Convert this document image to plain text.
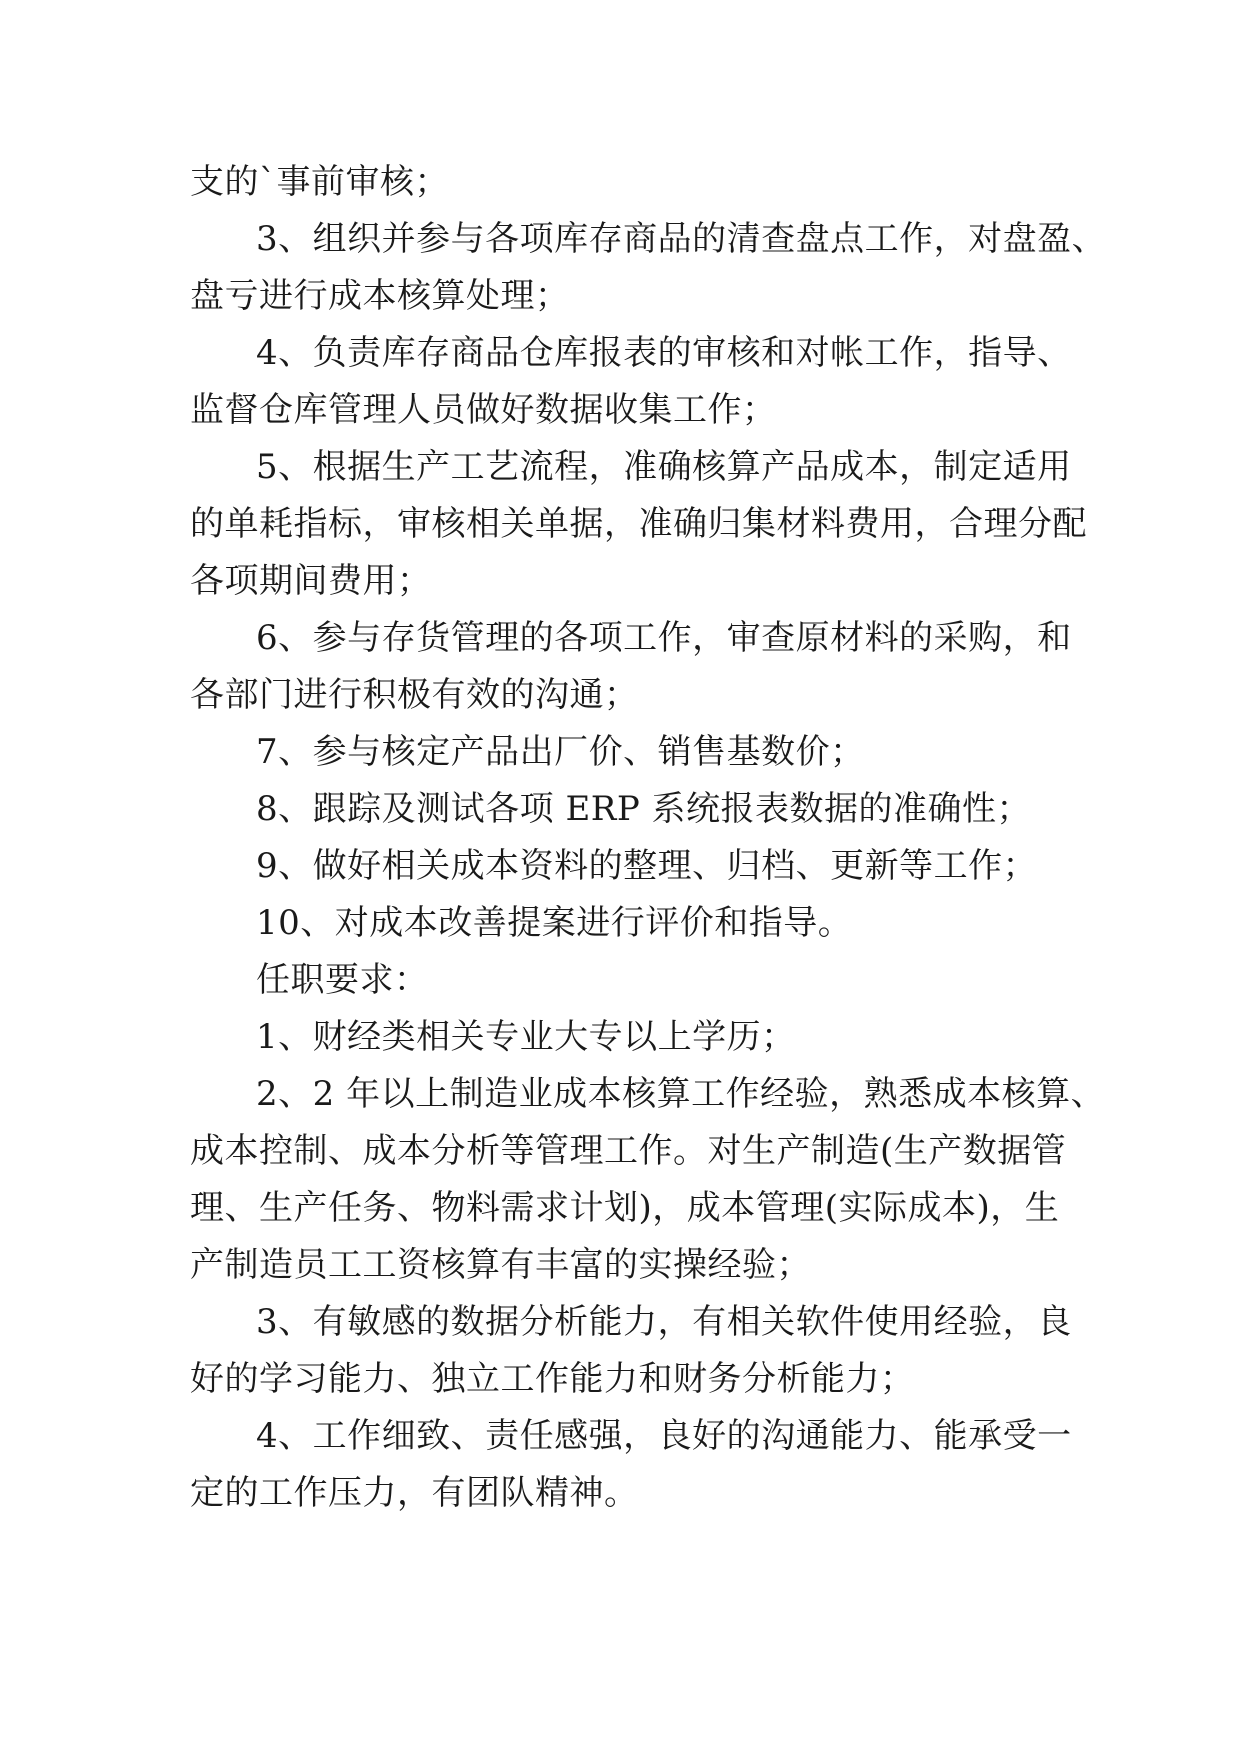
支的`事前审核；
3、组织并参与各项库存商品的清查盘点工作，对盘盈、
盘亏进行成本核算处理；
4、负责库存商品仓库报表的审核和对帐工作，指导、
监督仓库管理人员做好数据收集工作；
5、根据生产工艺流程，准确核算产品成本，制定适用
的单耗指标，审核相关单据，准确归集材料费用，合理分配
各项期间费用；
6、参与存货管理的各项工作，审查原材料的采购，和
各部门进行积极有效的沟通；
7、参与核定产品出厂价、销售基数价；
8、跟踪及测试各项 ERP 系统报表数据的准确性；
9、做好相关成本资料的整理、归档、更新等工作；
10、对成本改善提案进行评价和指导。
任职要求：
1、财经类相关专业大专以上学历；
2、2 年以上制造业成本核算工作经验，熟悉成本核算、
成本控制、成本分析等管理工作。对生产制造(生产数据管
理、生产任务、物料需求计划)，成本管理(实际成本)，生
产制造员工工资核算有丰富的实操经验；
3、有敏感的数据分析能力，有相关软件使用经验，良
好的学习能力、独立工作能力和财务分析能力；
4、工作细致、责任感强，良好的沟通能力、能承受一
定的工作压力，有团队精神。
